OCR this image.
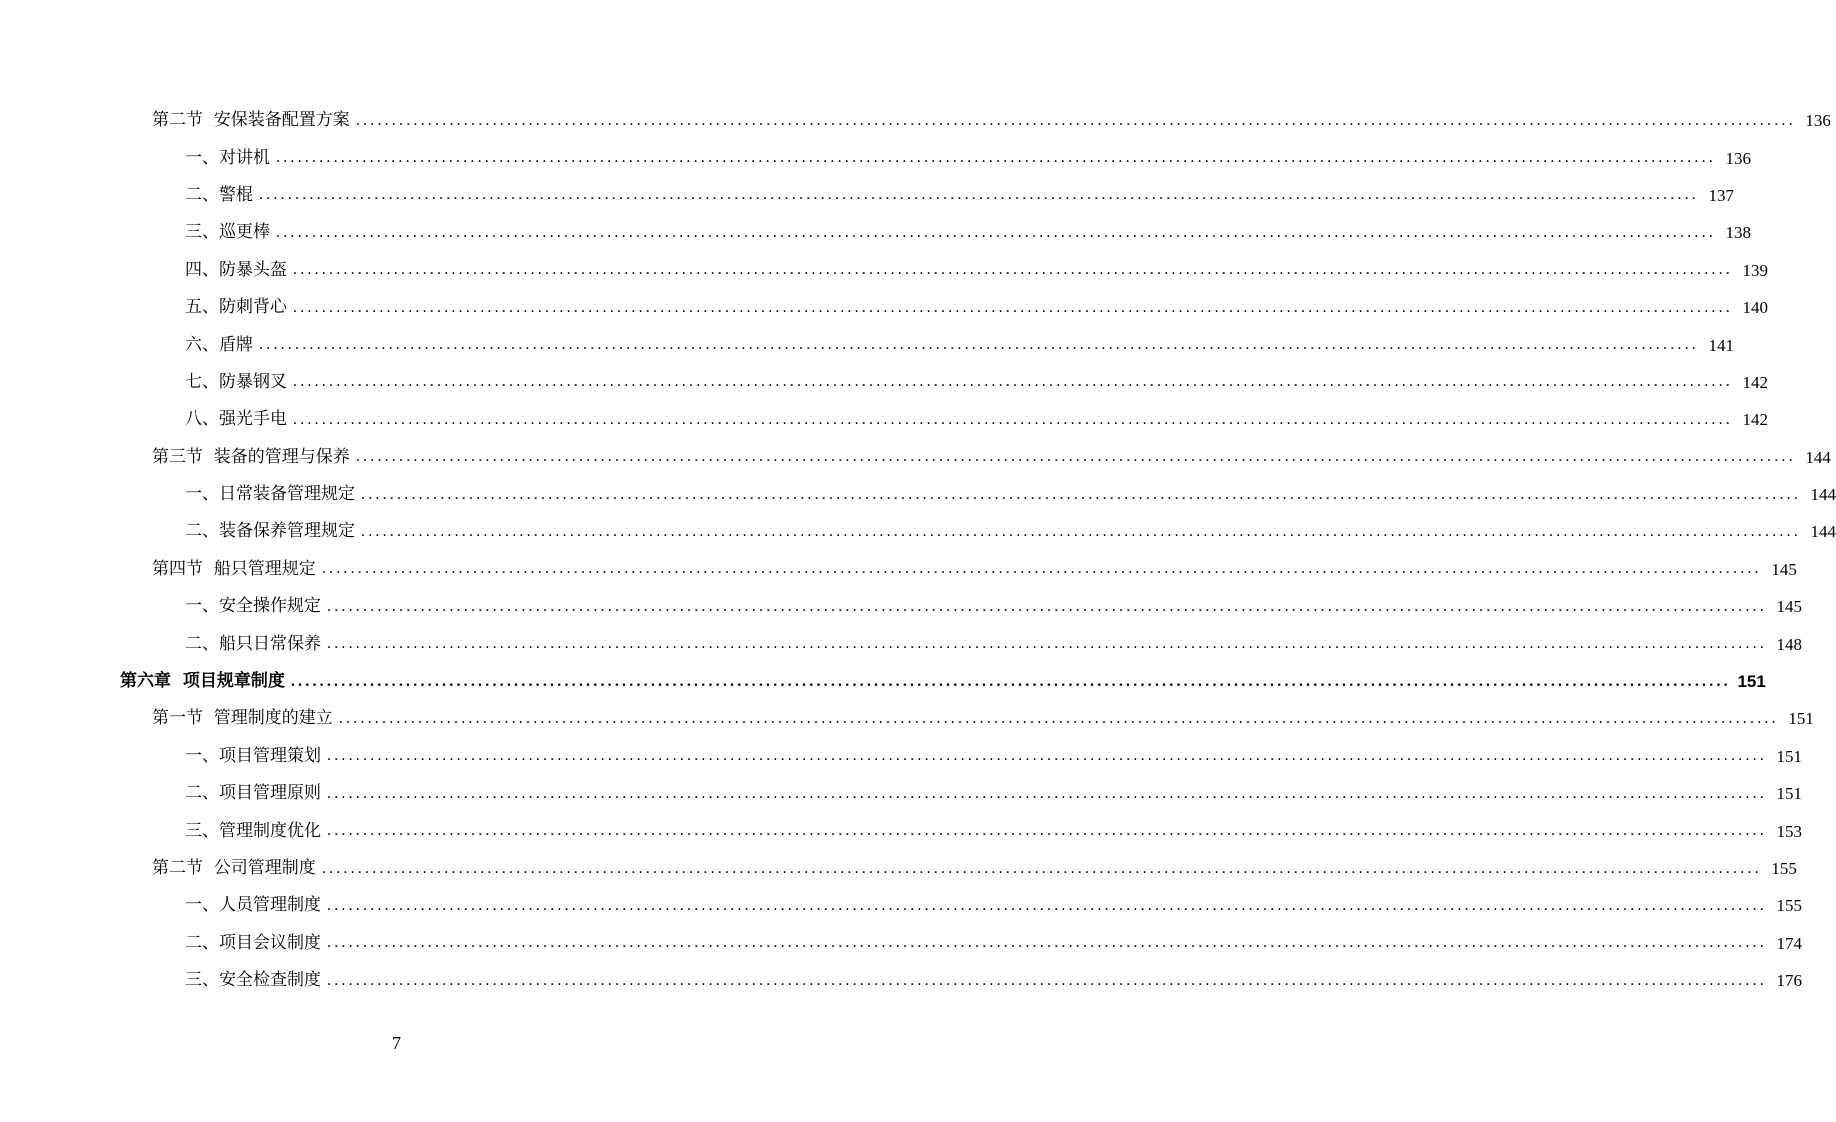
第二节  安保装备配置方案 ........................................................................................................................................................................................................ 136
一、对讲机 ........................................................................................................................................................................................................ 136
二、警棍 ........................................................................................................................................................................................................ 137
三、巡更棒 ........................................................................................................................................................................................................ 138
四、防暴头盔 ........................................................................................................................................................................................................ 139
五、防刺背心 ........................................................................................................................................................................................................ 140
六、盾牌 ........................................................................................................................................................................................................ 141
七、防暴钢叉 ........................................................................................................................................................................................................ 142
八、强光手电 ........................................................................................................................................................................................................ 142
第三节  装备的管理与保养 ........................................................................................................................................................................................................ 144
一、日常装备管理规定 ........................................................................................................................................................................................................ 144
二、装备保养管理规定 ........................................................................................................................................................................................................ 144
第四节  船只管理规定 ........................................................................................................................................................................................................ 145
一、安全操作规定 ........................................................................................................................................................................................................ 145
二、船只日常保养 ........................................................................................................................................................................................................ 148
第六章  项目规章制度 ........................................................................................................................................................................................................ 151
第一节  管理制度的建立 ........................................................................................................................................................................................................ 151
一、项目管理策划 ........................................................................................................................................................................................................ 151
二、项目管理原则 ........................................................................................................................................................................................................ 151
三、管理制度优化 ........................................................................................................................................................................................................ 153
第二节  公司管理制度 ........................................................................................................................................................................................................ 155
一、人员管理制度 ........................................................................................................................................................................................................ 155
二、项目会议制度 ........................................................................................................................................................................................................ 174
三、安全检查制度 ........................................................................................................................................................................................................ 176
7
